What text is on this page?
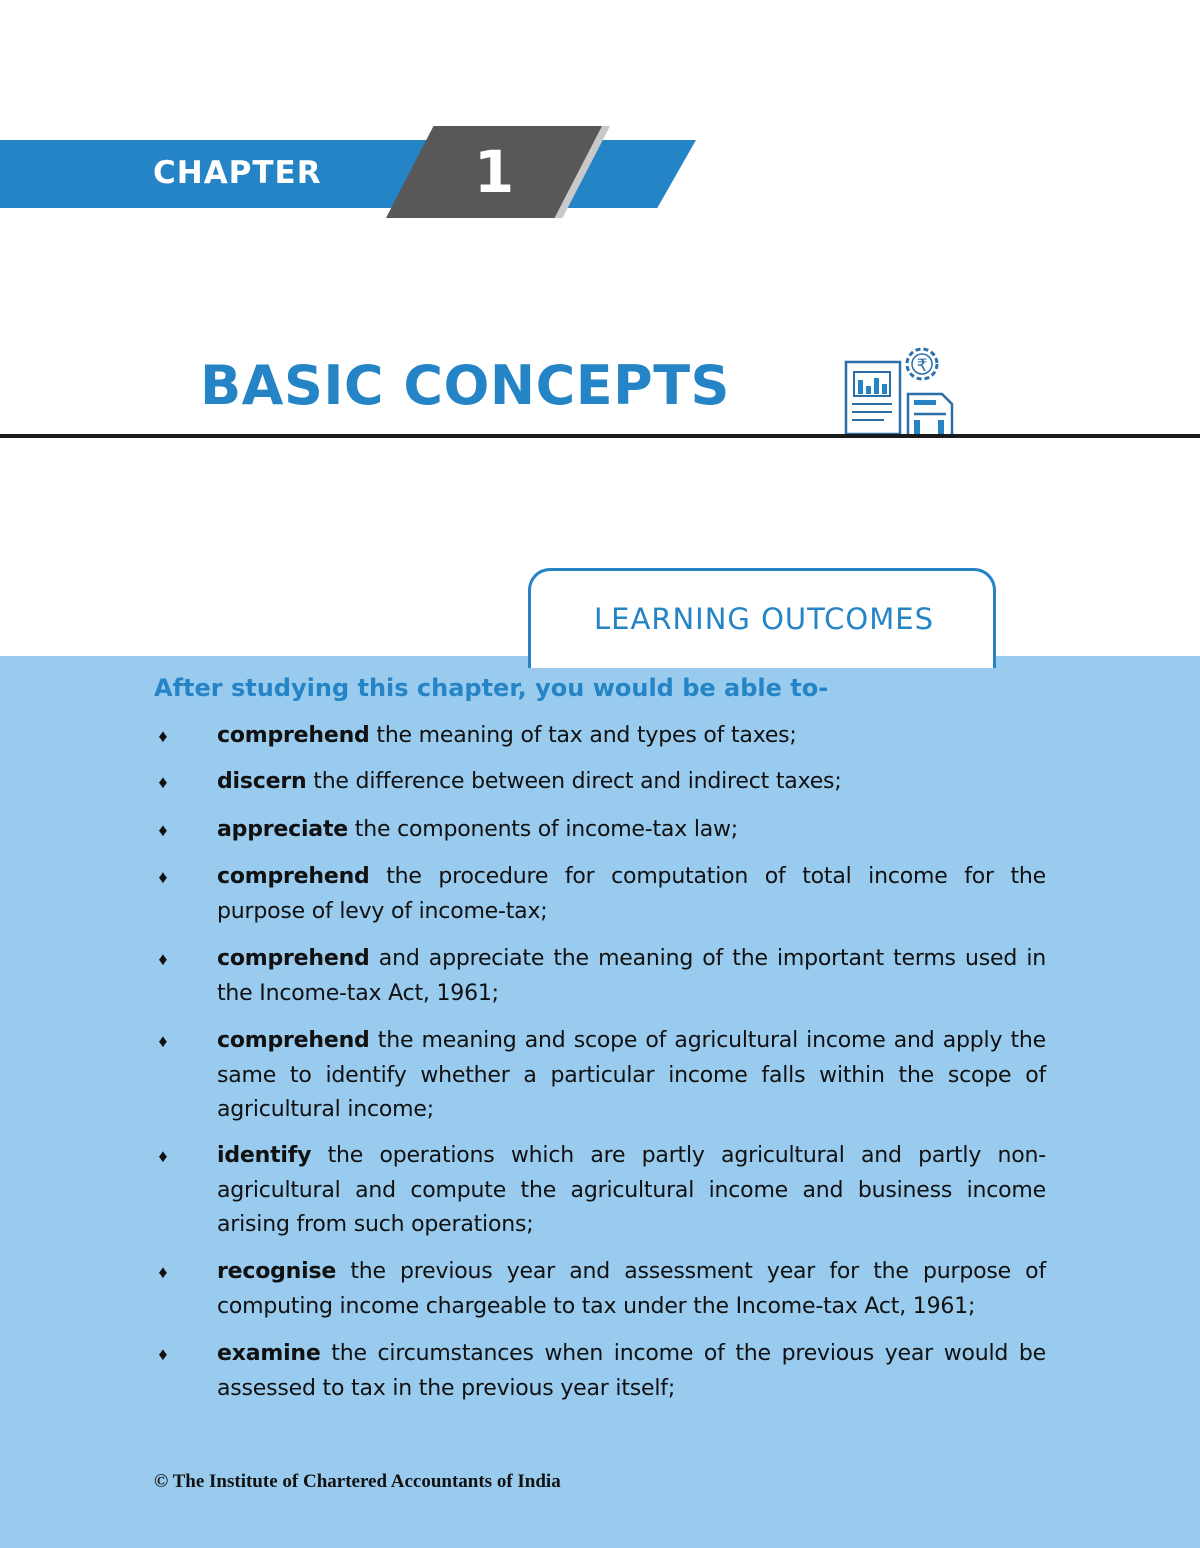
CHAPTER	1
BASIC CONCEPTS	₹
LEARNING OUTCOMES
After studying this chapter, you would be able to-
♦ comprehend the meaning of tax and types of taxes;
♦ discern the difference between direct and indirect taxes;
♦ appreciate the components of income-tax law;
♦ comprehend the procedure for computation of total income for the purpose of levy of income-tax;
♦ comprehend and appreciate the meaning of the important terms used in the Income-tax Act, 1961;
♦ comprehend the meaning and scope of agricultural income and apply the same to identify whether a particular income falls within the scope of agricultural income;
♦ identify the operations which are partly agricultural and partly non-agricultural and compute the agricultural income and business income arising from such operations;
♦ recognise the previous year and assessment year for the purpose of computing income chargeable to tax under the Income-tax Act, 1961;
♦ examine the circumstances when income of the previous year would be assessed to tax in the previous year itself;
© The Institute of Chartered Accountants of India
